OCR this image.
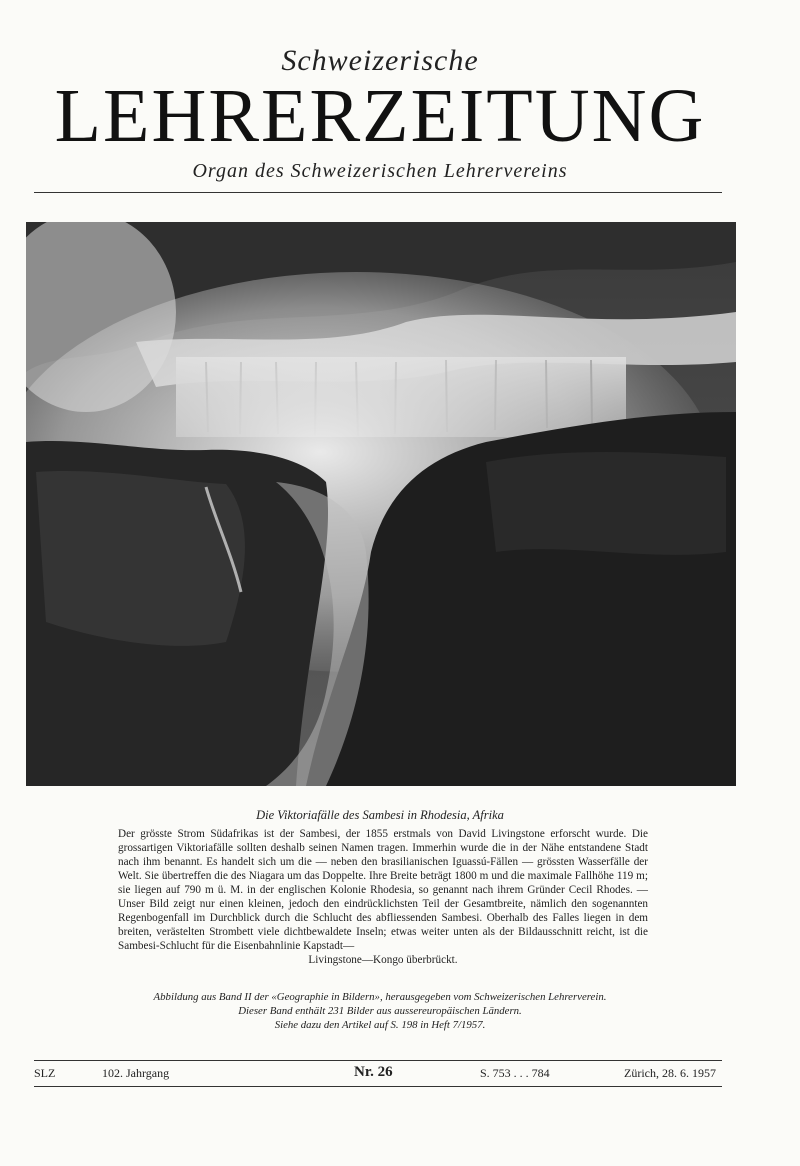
Schweizerische
LEHRERZEITUNG
Organ des Schweizerischen Lehrervereins
Die Viktoriafälle des Sambesi in Rhodesia, Afrika
Der grösste Strom Südafrikas ist der Sambesi, der 1855 erstmals von David Livingstone erforscht wurde. Die grossartigen Viktoriafälle sollten deshalb seinen Namen tragen. Immerhin wurde die in der Nähe entstandene Stadt nach ihm benannt. Es handelt sich um die — neben den brasilianischen Iguassú-Fällen — grössten Wasserfälle der Welt. Sie übertreffen die des Niagara um das Doppelte. Ihre Breite beträgt 1800 m und die maximale Fallhöhe 119 m; sie liegen auf 790 m ü. M. in der englischen Kolonie Rhodesia, so genannt nach ihrem Gründer Cecil Rhodes. — Unser Bild zeigt nur einen kleinen, jedoch den eindrücklichsten Teil der Gesamtbreite, nämlich den sogenannten Regenbogenfall im Durchblick durch die Schlucht des abfliessenden Sambesi. Oberhalb des Falles liegen in dem breiten, verästelten Strombett viele dichtbewaldete Inseln; etwas weiter unten als der Bildausschnitt reicht, ist die Sambesi-Schlucht für die Eisenbahnlinie Kapstadt—
Livingstone—Kongo überbrückt.
Abbildung aus Band II der «Geographie in Bildern», herausgegeben vom Schweizerischen Lehrerverein.
Dieser Band enthält 231 Bilder aus aussereuropäischen Ländern.
Siehe dazu den Artikel auf S. 198 in Heft 7/1957.
SLZ	102. Jahrgang	Nr. 26	S. 753 . . . 784	Zürich, 28. 6. 1957
